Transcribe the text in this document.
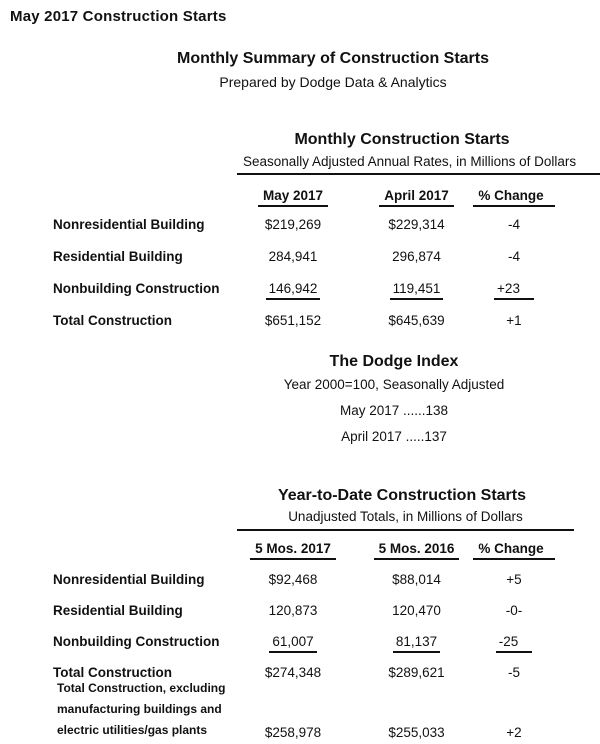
May 2017 Construction Starts
Monthly Summary of Construction Starts
Prepared by Dodge Data & Analytics
Monthly Construction Starts
Seasonally Adjusted Annual Rates, in Millions of Dollars
May 2017	April 2017	% Change
Nonresidential Building	$219,269	$229,314	-4
Residential Building	284,941	296,874	-4
Nonbuilding Construction	146,942	119,451	+23
Total Construction	$651,152	$645,639	+1
The Dodge Index
Year 2000=100, Seasonally Adjusted
May 2017 ......138
April 2017 .....137
Year-to-Date Construction Starts
Unadjusted Totals, in Millions of Dollars
5 Mos. 2017	5 Mos. 2016	% Change
Nonresidential Building	$92,468	$88,014	+5
Residential Building	120,873	120,470	-0-
Nonbuilding Construction	61,007	81,137	-25
Total Construction	$274,348	$289,621	-5
Total Construction, excluding
manufacturing buildings and
electric utilities/gas plants	$258,978	$255,033	+2
